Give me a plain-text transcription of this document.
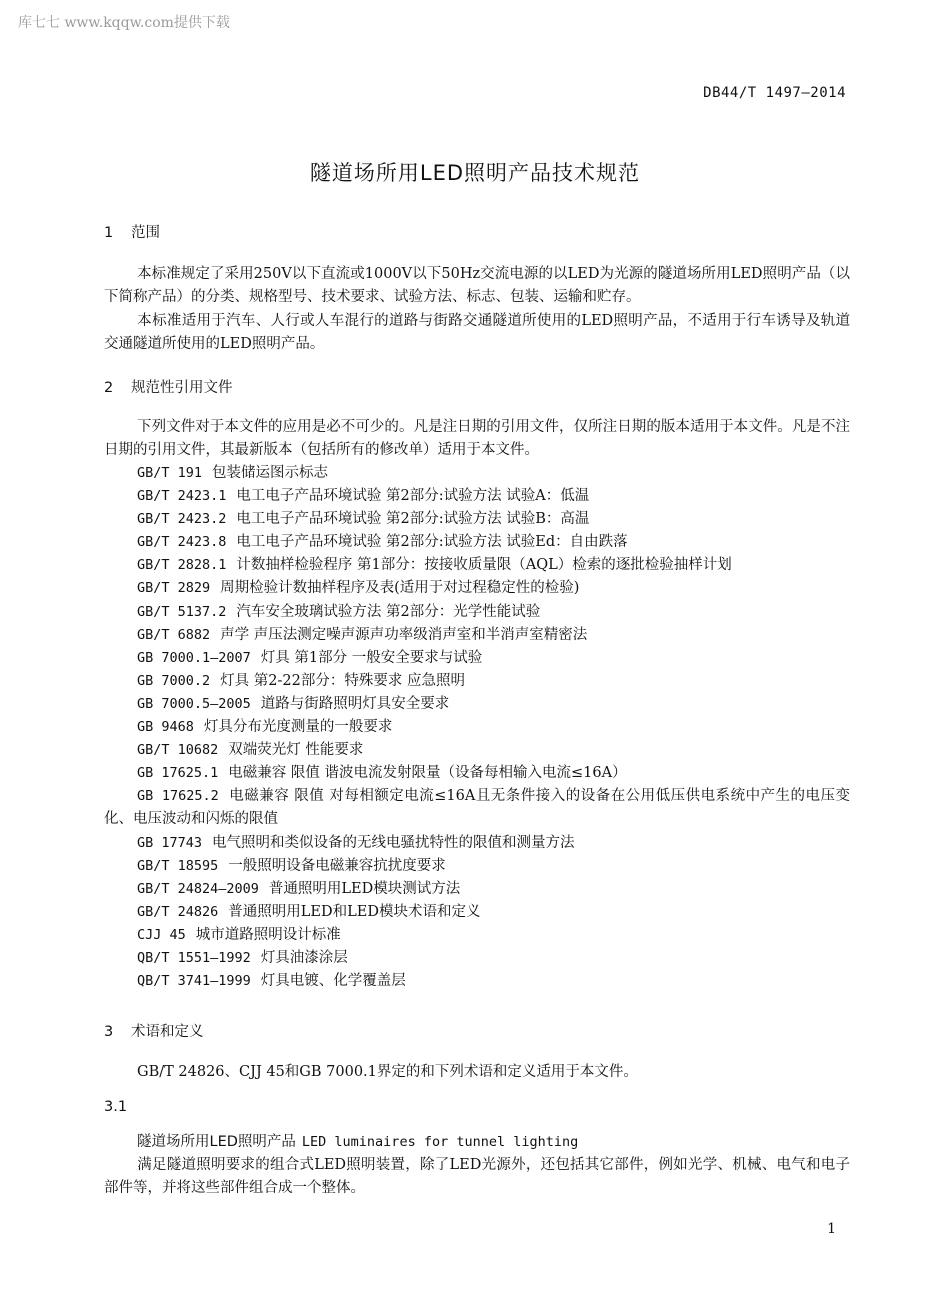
库七七 www.kqqw.com提供下载
DB44/T 1497—2014
隧道场所用LED照明产品技术规范
1 范围
本标准规定了采用250V以下直流或1000V以下50Hz交流电源的以LED为光源的隧道场所用LED照明产品（以下简称产品）的分类、规格型号、技术要求、试验方法、标志、包装、运输和贮存。
本标准适用于汽车、人行或人车混行的道路与街路交通隧道所使用的LED照明产品，不适用于行车诱导及轨道交通隧道所使用的LED照明产品。
2 规范性引用文件
下列文件对于本文件的应用是必不可少的。凡是注日期的引用文件，仅所注日期的版本适用于本文件。凡是不注日期的引用文件，其最新版本（包括所有的修改单）适用于本文件。
GB/T 191 包装储运图示标志
GB/T 2423.1 电工电子产品环境试验 第2部分:试验方法 试验A：低温
GB/T 2423.2 电工电子产品环境试验 第2部分:试验方法 试验B：高温
GB/T 2423.8 电工电子产品环境试验 第2部分:试验方法 试验Ed：自由跌落
GB/T 2828.1 计数抽样检验程序 第1部分：按接收质量限（AQL）检索的逐批检验抽样计划
GB/T 2829 周期检验计数抽样程序及表(适用于对过程稳定性的检验)
GB/T 5137.2 汽车安全玻璃试验方法 第2部分：光学性能试验
GB/T 6882 声学 声压法测定噪声源声功率级消声室和半消声室精密法
GB 7000.1—2007 灯具 第1部分 一般安全要求与试验
GB 7000.2 灯具 第2-22部分：特殊要求 应急照明
GB 7000.5—2005 道路与街路照明灯具安全要求
GB 9468 灯具分布光度测量的一般要求
GB/T 10682 双端荧光灯 性能要求
GB 17625.1 电磁兼容 限值 谐波电流发射限量（设备每相输入电流≤16A）
GB 17625.2 电磁兼容 限值 对每相额定电流≤16A且无条件接入的设备在公用低压供电系统中产生的电压变化、电压波动和闪烁的限值
GB 17743 电气照明和类似设备的无线电骚扰特性的限值和测量方法
GB/T 18595 一般照明设备电磁兼容抗扰度要求
GB/T 24824—2009 普通照明用LED模块测试方法
GB/T 24826 普通照明用LED和LED模块术语和定义
CJJ 45 城市道路照明设计标准
QB/T 1551—1992 灯具油漆涂层
QB/T 3741—1999 灯具电镀、化学覆盖层
3 术语和定义
GB/T 24826、CJJ 45和GB 7000.1界定的和下列术语和定义适用于本文件。
3.1
隧道场所用LED照明产品 LED luminaires for tunnel lighting
满足隧道照明要求的组合式LED照明装置，除了LED光源外，还包括其它部件，例如光学、机械、电气和电子部件等，并将这些部件组合成一个整体。
1
